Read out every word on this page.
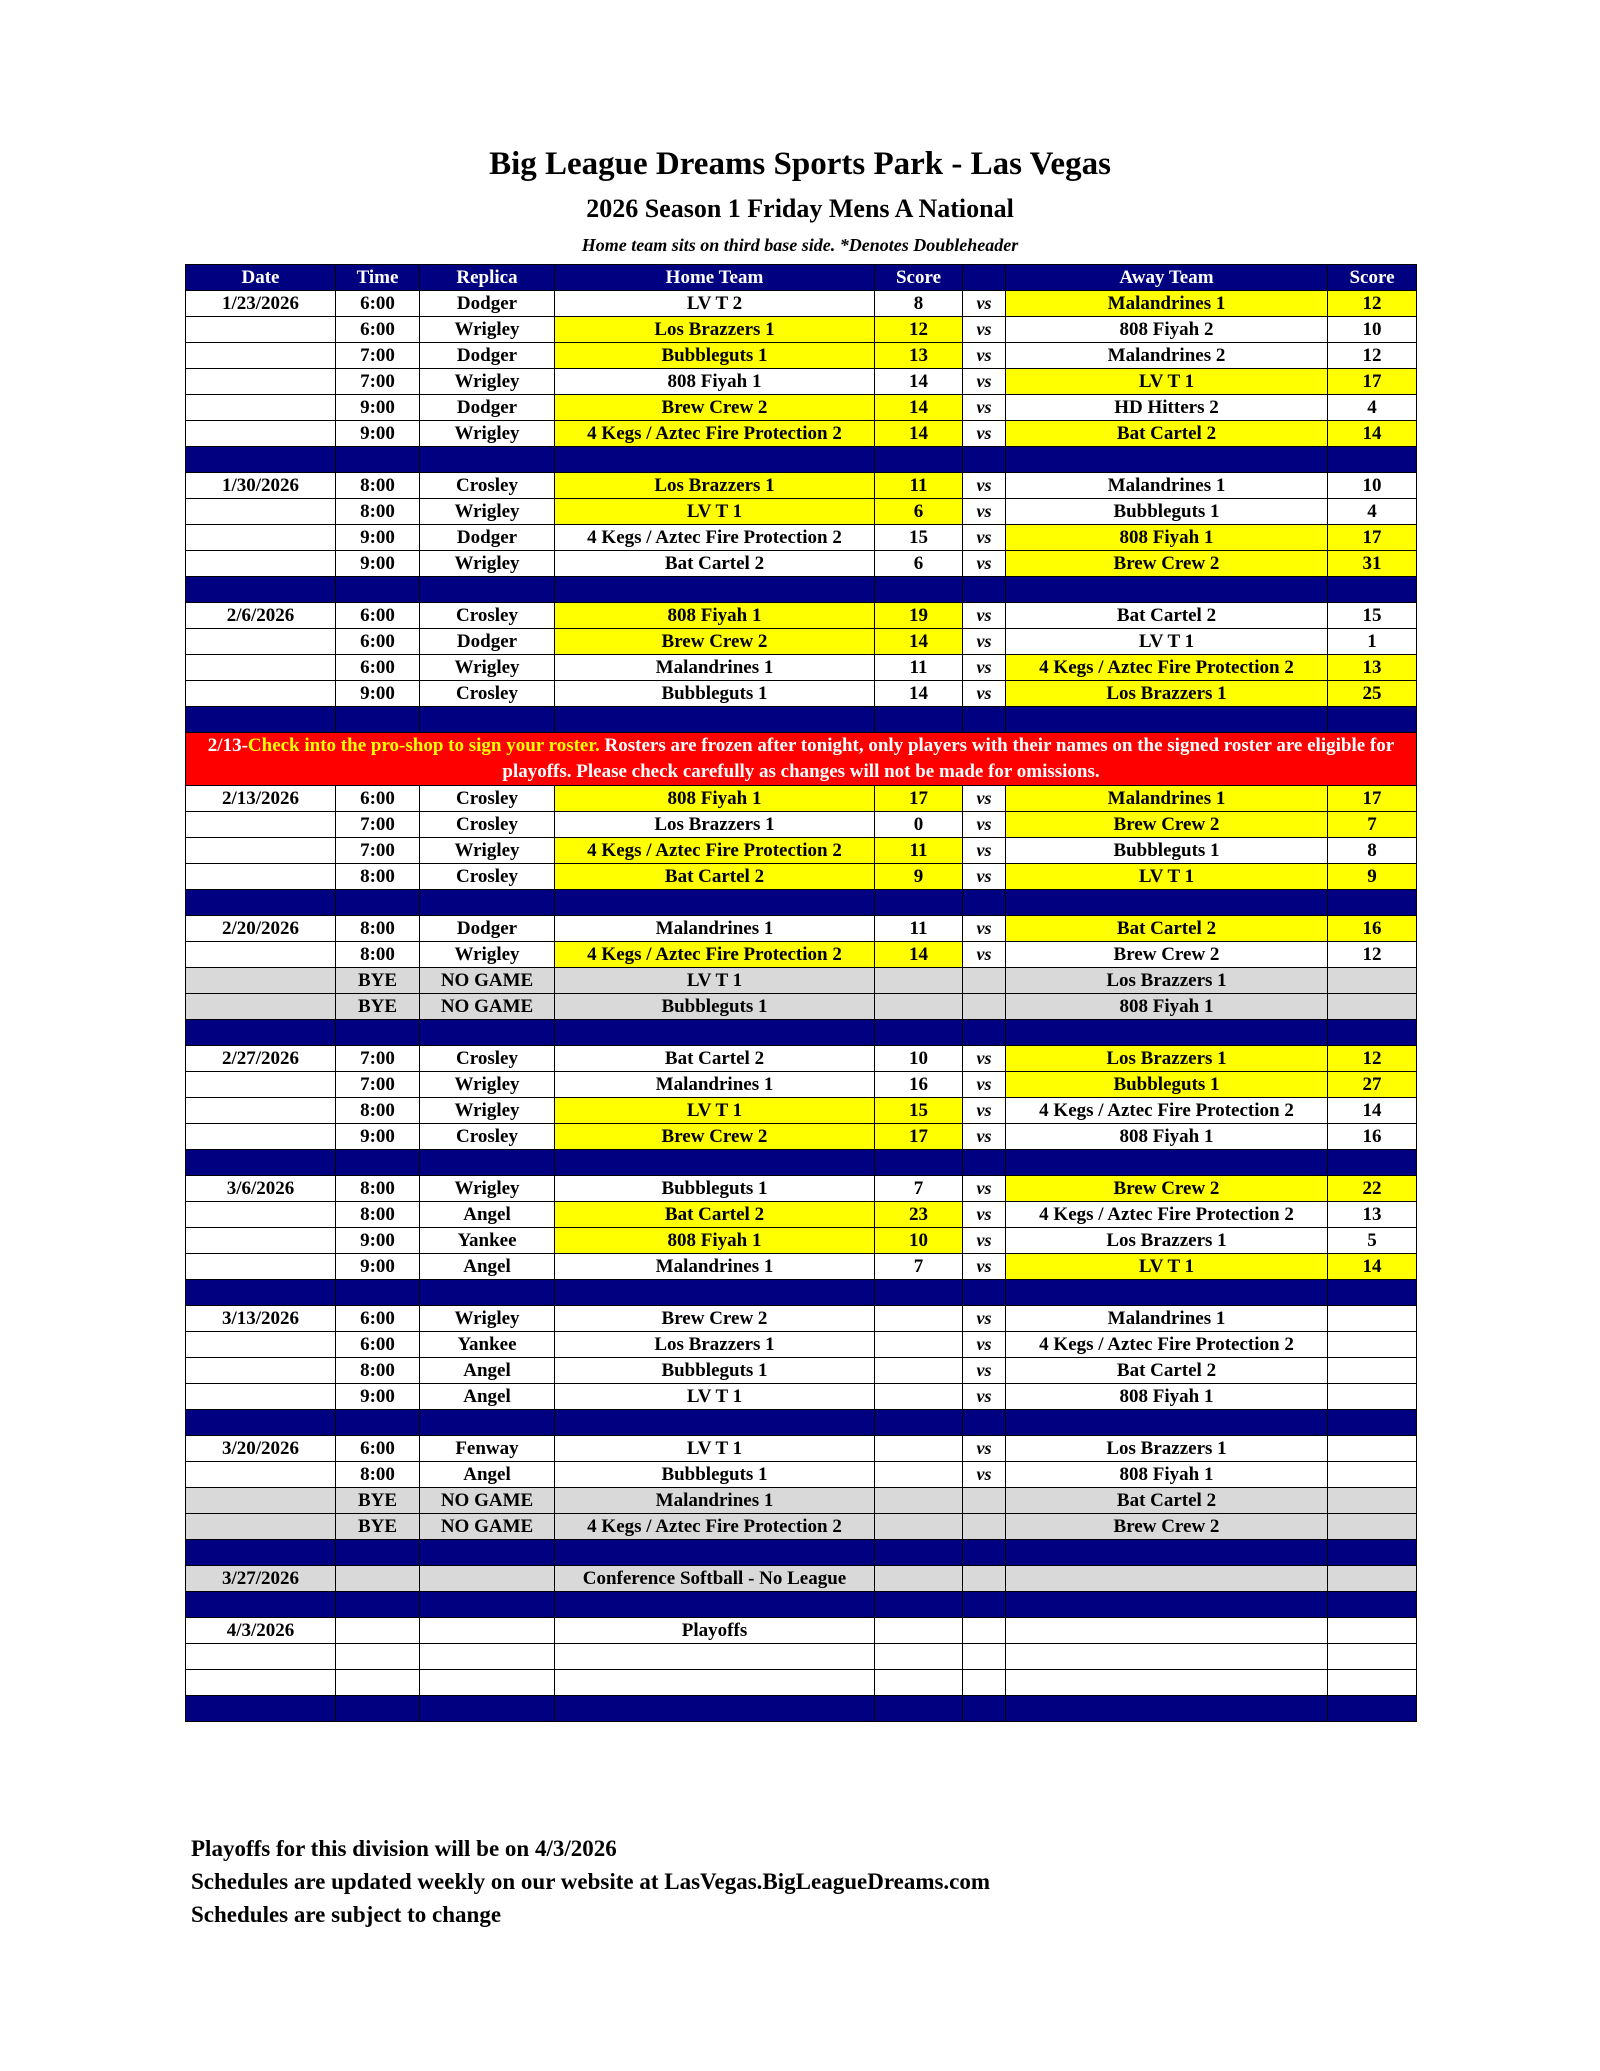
Big League Dreams Sports Park - Las Vegas
2026 Season 1 Friday Mens A National
Home team sits on third base side. *Denotes Doubleheader
Date	Time	Replica	Home Team	Score		Away Team	Score
1/23/2026	6:00	Dodger	LV T 2	8	vs	Malandrines 1	12
	6:00	Wrigley	Los Brazzers 1	12	vs	808 Fiyah 2	10
	7:00	Dodger	Bubbleguts 1	13	vs	Malandrines 2	12
	7:00	Wrigley	808 Fiyah 1	14	vs	LV T 1	17
	9:00	Dodger	Brew Crew 2	14	vs	HD Hitters 2	4
	9:00	Wrigley	4 Kegs / Aztec Fire Protection 2	14	vs	Bat Cartel 2	14

1/30/2026	8:00	Crosley	Los Brazzers 1	11	vs	Malandrines 1	10
	8:00	Wrigley	LV T 1	6	vs	Bubbleguts 1	4
	9:00	Dodger	4 Kegs / Aztec Fire Protection 2	15	vs	808 Fiyah 1	17
	9:00	Wrigley	Bat Cartel 2	6	vs	Brew Crew 2	31

2/6/2026	6:00	Crosley	808 Fiyah 1	19	vs	Bat Cartel 2	15
	6:00	Dodger	Brew Crew 2	14	vs	LV T 1	1
	6:00	Wrigley	Malandrines 1	11	vs	4 Kegs / Aztec Fire Protection 2	13
	9:00	Crosley	Bubbleguts 1	14	vs	Los Brazzers 1	25

2/13-Check into the pro-shop to sign your roster. Rosters are frozen after tonight, only players with their names on the signed roster are eligible for playoffs. Please check carefully as changes will not be made for omissions.							
2/13/2026	6:00	Crosley	808 Fiyah 1	17	vs	Malandrines 1	17
	7:00	Crosley	Los Brazzers 1	0	vs	Brew Crew 2	7
	7:00	Wrigley	4 Kegs / Aztec Fire Protection 2	11	vs	Bubbleguts 1	8
	8:00	Crosley	Bat Cartel 2	9	vs	LV T 1	9

2/20/2026	8:00	Dodger	Malandrines 1	11	vs	Bat Cartel 2	16
	8:00	Wrigley	4 Kegs / Aztec Fire Protection 2	14	vs	Brew Crew 2	12
	BYE	NO GAME	LV T 1			Los Brazzers 1	
	BYE	NO GAME	Bubbleguts 1			808 Fiyah 1	

2/27/2026	7:00	Crosley	Bat Cartel 2	10	vs	Los Brazzers 1	12
	7:00	Wrigley	Malandrines 1	16	vs	Bubbleguts 1	27
	8:00	Wrigley	LV T 1	15	vs	4 Kegs / Aztec Fire Protection 2	14
	9:00	Crosley	Brew Crew 2	17	vs	808 Fiyah 1	16

3/6/2026	8:00	Wrigley	Bubbleguts 1	7	vs	Brew Crew 2	22
	8:00	Angel	Bat Cartel 2	23	vs	4 Kegs / Aztec Fire Protection 2	13
	9:00	Yankee	808 Fiyah 1	10	vs	Los Brazzers 1	5
	9:00	Angel	Malandrines 1	7	vs	LV T 1	14

3/13/2026	6:00	Wrigley	Brew Crew 2		vs	Malandrines 1	
	6:00	Yankee	Los Brazzers 1		vs	4 Kegs / Aztec Fire Protection 2	
	8:00	Angel	Bubbleguts 1		vs	Bat Cartel 2	
	9:00	Angel	LV T 1		vs	808 Fiyah 1	

3/20/2026	6:00	Fenway	LV T 1		vs	Los Brazzers 1	
	8:00	Angel	Bubbleguts 1		vs	808 Fiyah 1	
	BYE	NO GAME	Malandrines 1			Bat Cartel 2	
	BYE	NO GAME	4 Kegs / Aztec Fire Protection 2			Brew Crew 2	

3/27/2026			Conference Softball - No League				

4/3/2026			Playoffs				

Playoffs for this division will be on 4/3/2026
Schedules are updated weekly on our website at LasVegas.BigLeagueDreams.com
Schedules are subject to change
